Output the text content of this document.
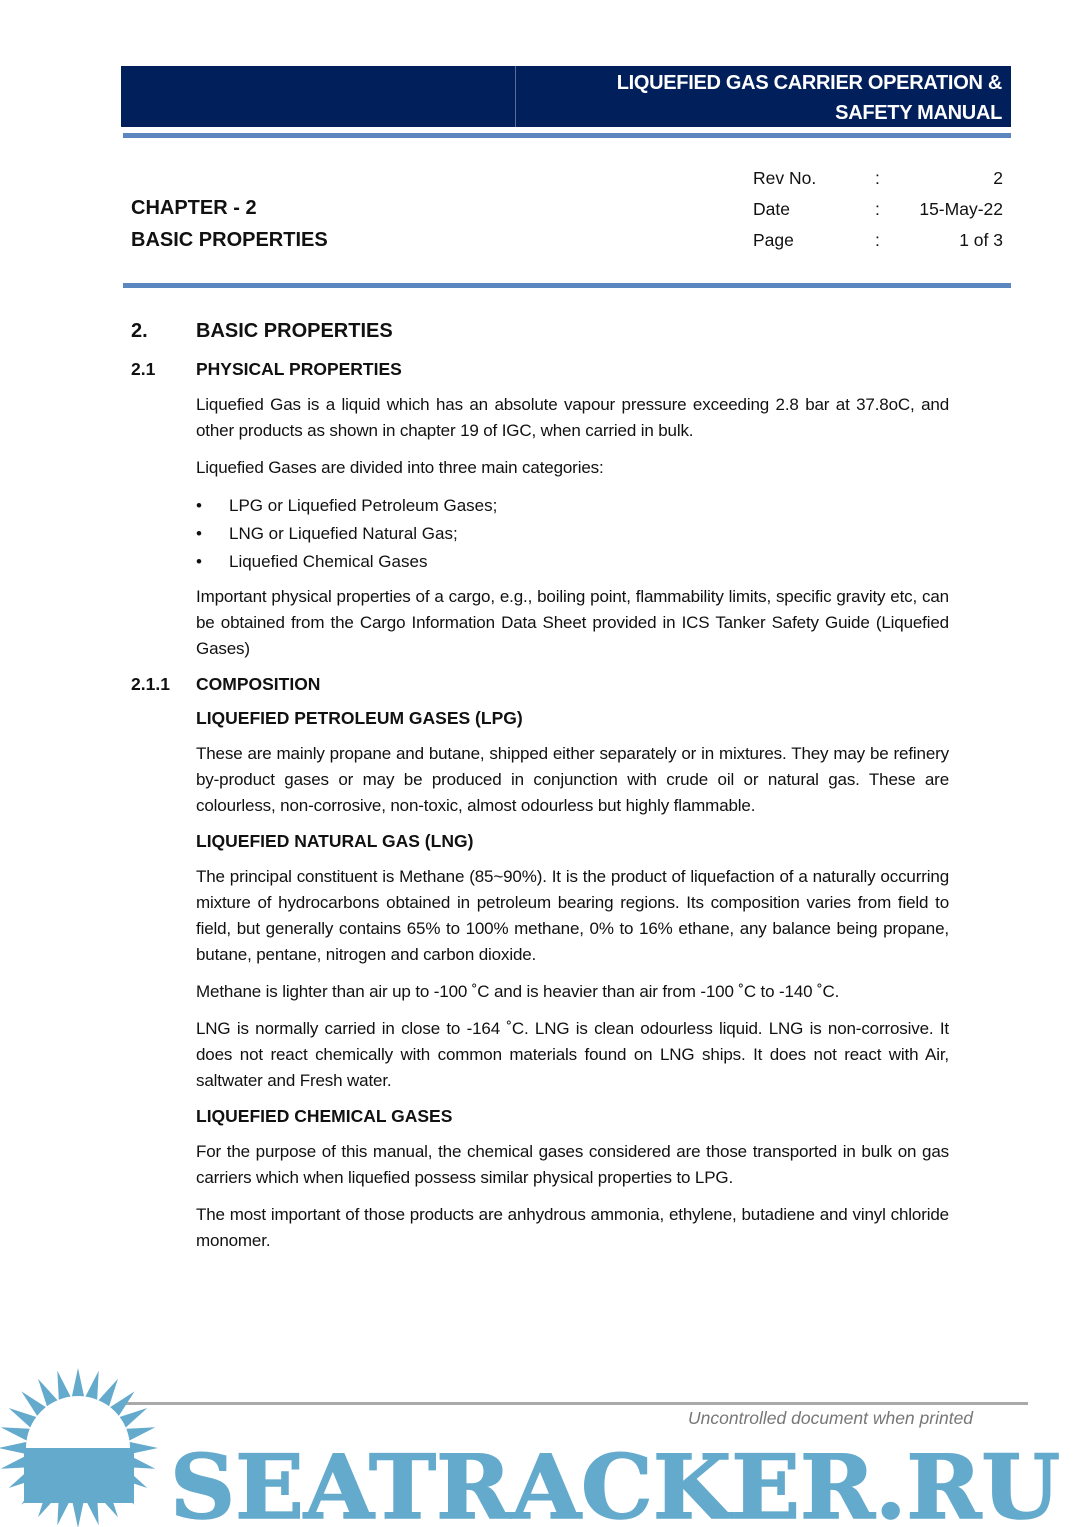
LIQUEFIED GAS CARRIER OPERATION &
SAFETY MANUAL
CHAPTER - 2
BASIC PROPERTIES
Rev No.	:	2
Date	: 15-May-22
Page	:	1 of 3
2.	BASIC PROPERTIES
2.1	PHYSICAL PROPERTIES
Liquefied Gas is a liquid which has an absolute vapour pressure exceeding 2.8 bar at 37.8oC, and other products as shown in chapter 19 of IGC, when carried in bulk.
Liquefied Gases are divided into three main categories:
• LPG or Liquefied Petroleum Gases;
• LNG or Liquefied Natural Gas;
• Liquefied Chemical Gases
Important physical properties of a cargo, e.g., boiling point, flammability limits, specific gravity etc, can be obtained from the Cargo Information Data Sheet provided in ICS Tanker Safety Guide (Liquefied Gases)
2.1.1	COMPOSITION
LIQUEFIED PETROLEUM GASES (LPG)
These are mainly propane and butane, shipped either separately or in mixtures. They may be refinery by-product gases or may be produced in conjunction with crude oil or natural gas. These are colourless, non-corrosive, non-toxic, almost odourless but highly flammable.
LIQUEFIED NATURAL GAS (LNG)
The principal constituent is Methane (85~90%). It is the product of liquefaction of a naturally occurring mixture of hydrocarbons obtained in petroleum bearing regions. Its composition varies from field to field, but generally contains 65% to 100% methane, 0% to 16% ethane, any balance being propane, butane, pentane, nitrogen and carbon dioxide.
Methane is lighter than air up to -100 ˚C and is heavier than air from -100 ˚C to -140 ˚C.
LNG is normally carried in close to -164 ˚C. LNG is clean odourless liquid. LNG is non-corrosive. It does not react chemically with common materials found on LNG ships. It does not react with Air, saltwater and Fresh water.
LIQUEFIED CHEMICAL GASES
For the purpose of this manual, the chemical gases considered are those transported in bulk on gas carriers which when liquefied possess similar physical properties to LPG.
The most important of those products are anhydrous ammonia, ethylene, butadiene and vinyl chloride monomer.
Uncontrolled document when printed
SEATRACKER.RU
